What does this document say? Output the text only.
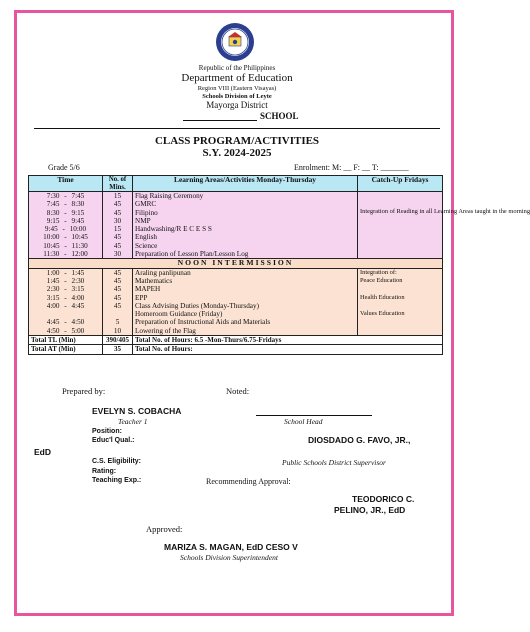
Republic of the Philippines
Department of Education
Region VIII (Eastern Visayas)
Schools Division of Leyte
Mayorga District
SCHOOL
CLASS PROGRAM/ACTIVITIES
S.Y. 2024-2025
Grade 5/6	Enrolment: M: __ F: __ T: _______
Time	No. of Mins.	Learning Areas/Activities Monday-Thursday	Catch-Up Fridays
7:30 - 7:45	15	Flag Raising Ceremony	Integration of Reading in all Learning Areas taught in the morning

7:45 - 8:30	45	GMRC	
8:30 - 9:15	45	Filipino	
9:15 - 9:45	30	NMP	
9:45 - 10:00	15	Handwashing/R E C E S S	
10:00 - 10:45	45	English	
10:45 - 11:30	45	Science	
11:30 - 12:00	30	Preparation of Lesson Plan/Lesson Log	
NOON INTERMISSION			
1:00 - 1:45	45	Araling panlipunan	Integration of:
1:45 - 2:30	45	Mathematics	Peace Education
2:30 - 3:15	45	MAPEH	
3:15 - 4:00	45	EPP	Health Education
4:00 - 4:45	45	Class Advising Duties (Monday-Thursday)	
		Homeroom Guidance (Friday)	Values Education
4:45 - 4:50	5	Preparation of Instructional Aids and Materials	
4:50 - 5:00	10	Lowering of the Flag	
Total TL (Min)	390/405	Total No. of Hours: 6.5 -Mon-Thurs/6.75-Fridays	
Total AT (Min)	35	Total No. of Hours:	
Prepared by:	Noted:
EVELYN S. COBACHA
Teacher 1	School Head
Position:
Educ'l Qual.:	DIOSDADO G. FAVO, JR.,
EdD
C.S. Eligibility:	Public Schools District Supervisor
Rating:
Teaching Exp.:	Recommending Approval:
TEODORICO C.
PELINO, JR., EdD
Approved:
MARIZA S. MAGAN, EdD CESO V
Schools Division Superintendent
